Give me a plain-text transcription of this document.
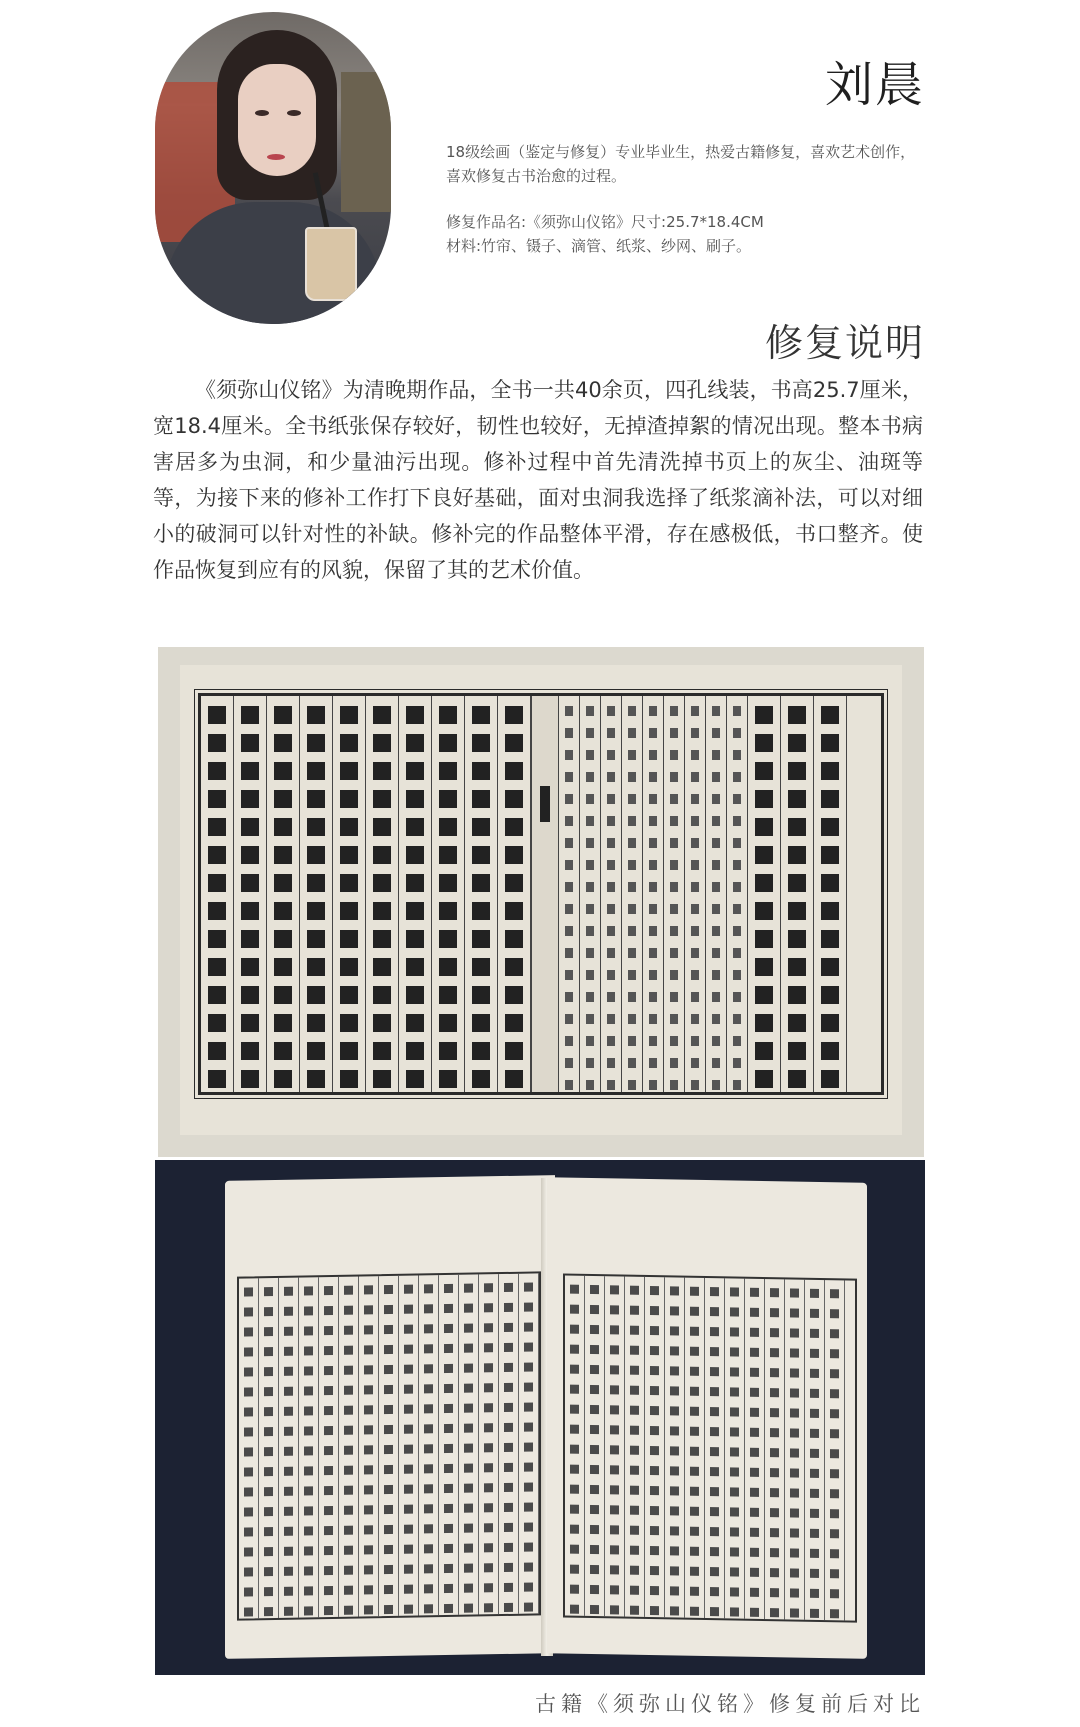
刘晨
18级绘画（鉴定与修复）专业毕业生，热爱古籍修复，喜欢艺术创作，喜欢修复古书治愈的过程。
修复作品名:《须弥山仪铭》尺寸:25.7*18.4CM
材料:竹帘、镊子、滴管、纸浆、纱网、刷子。
修复说明
《须弥山仪铭》为清晚期作品，全书一共40余页，四孔线装，书高25.7厘米，宽18.4厘米。全书纸张保存较好，韧性也较好，无掉渣掉絮的情况出现。整本书病害居多为虫洞，和少量油污出现。修补过程中首先清洗掉书页上的灰尘、油斑等等，为接下来的修补工作打下良好基础，面对虫洞我选择了纸浆滴补法，可以对细小的破洞可以针对性的补缺。修补完的作品整体平滑，存在感极低，书口整齐。使作品恢复到应有的风貌，保留了其的艺术价值。
古籍《须弥山仪铭》修复前后对比
